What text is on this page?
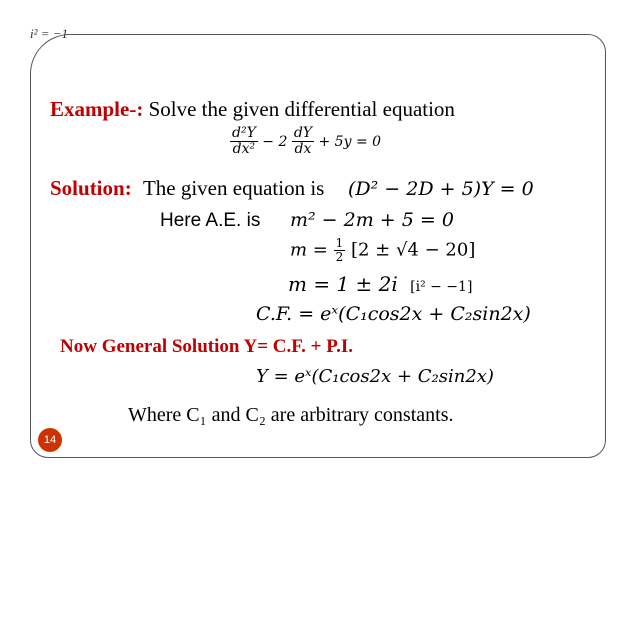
i² = −1
Example-: Solve the given differential equation
$\frac{\text{d²Y}}{\text{dx²}} - 2 \frac{dY}{dx} + 5y = 0$
Solution: The given equation is (D² − 2D + 5)Y = 0
Here A.E. is m² − 2m + 5 = 0
$m = \frac{1}{2} [2 \pm √4 - 20]$
m = 1 ± 2i [i² − −1]
C.F. = eˣ(C₁cos2x + C₂sin2x)
Now General Solution Y= C.F. + P.I.
Y = eˣ(C₁cos2x + C₂sin2x)
Where C₁ and C₂ are arbitrary constants.
14
